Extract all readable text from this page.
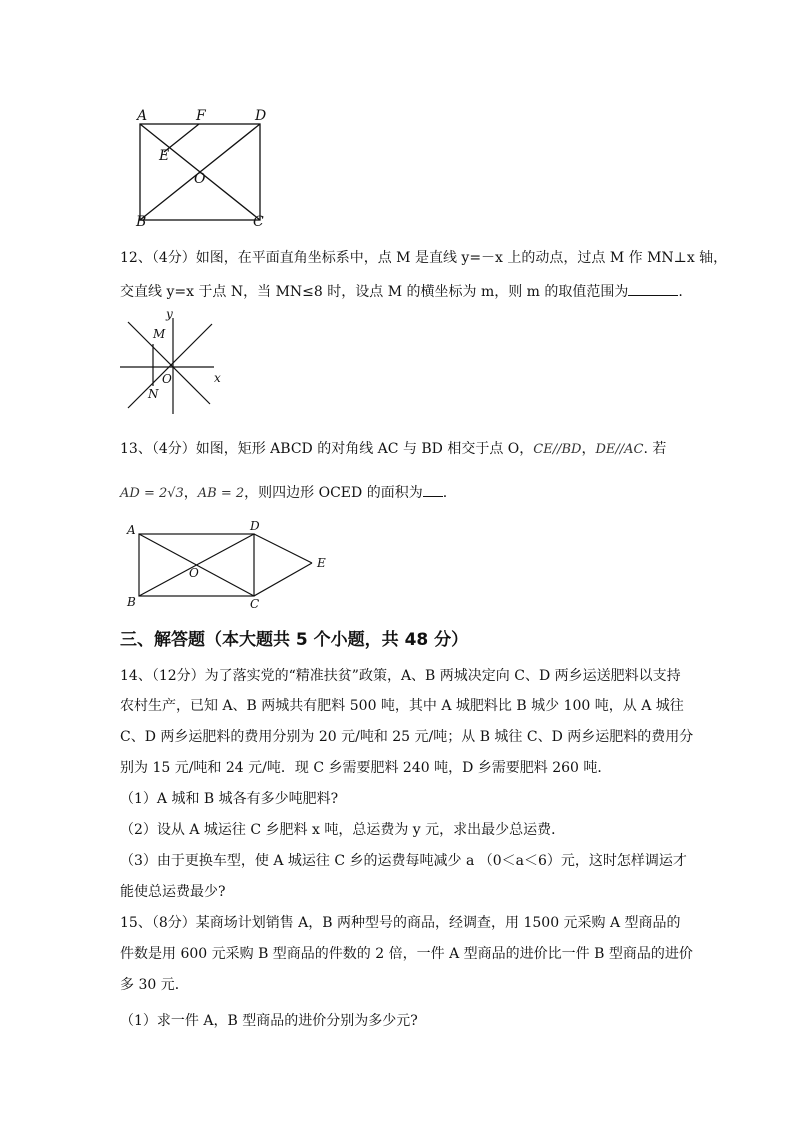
A	F	D
E
O
B	C
12、（4分）如图，在平面直角坐标系中，点 M 是直线 y=－x 上的动点，过点 M 作 MN⊥x 轴，
交直线 y=x 于点 N，当 MN≤8 时，设点 M 的横坐标为 m，则 m 的取值范围为	.
y
M
O	x
N
13、（4分）如图，矩形 ABCD 的对角线 AC 与 BD 相交于点 O，CE//BD，DE//AC. 若
AD = 2√3，AB = 2，则四边形 OCED 的面积为 .
A	D
E
O
B	C
三、解答题（本大题共 5 个小题，共 48 分）
14、（12分）为了落实党的“精准扶贫”政策，A、B 两城决定向 C、D 两乡运送肥料以支持
农村生产，已知 A、B 两城共有肥料 500 吨，其中 A 城肥料比 B 城少 100 吨，从 A 城往
C、D 两乡运肥料的费用分别为 20 元/吨和 25 元/吨；从 B 城往 C、D 两乡运肥料的费用分
别为 15 元/吨和 24 元/吨．现 C 乡需要肥料 240 吨，D 乡需要肥料 260 吨．
（1）A 城和 B 城各有多少吨肥料?
（2）设从 A 城运往 C 乡肥料 x 吨，总运费为 y 元，求出最少总运费．
（3）由于更换车型，使 A 城运往 C 乡的运费每吨减少 a （0＜a＜6）元，这时怎样调运才
能使总运费最少?
15、（8分）某商场计划销售 A，B 两种型号的商品，经调查，用 1500 元采购 A 型商品的
件数是用 600 元采购 B 型商品的件数的 2 倍，一件 A 型商品的进价比一件 B 型商品的进价
多 30 元．
（1）求一件 A，B 型商品的进价分别为多少元?
